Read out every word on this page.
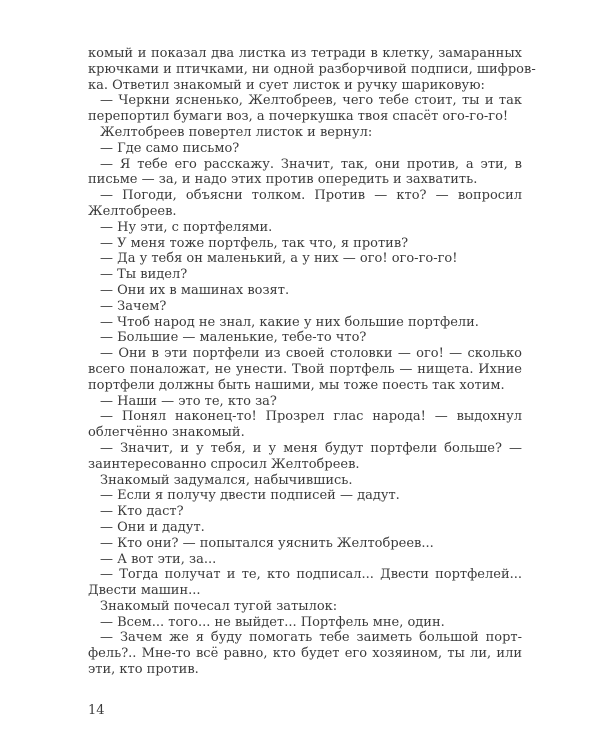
комый и показал два листка из тетради в клетку, замаранных

крючками и птичками, ни одной разборчивой подписи, шифров-

ка. Ответил знакомый и сует листок и ручку шариковую:

— Черкни ясненько, Желтобреев, чего тебе стоит, ты и так

перепортил бумаги воз, а почеркушка твоя спасёт ого-го-го!

Желтобреев повертел листок и вернул:

— Где само письмо?

— Я тебе его расскажу. Значит, так, они против, а эти, в

письме — за, и надо этих против опередить и захватить.

— Погоди, объясни толком. Против — кто? — вопросил

Желтобреев.

— Ну эти, с портфелями.

— У меня тоже портфель, так что, я против?

— Да у тебя он маленький, а у них — ого! ого-го-го!

— Ты видел?

— Они их в машинах возят.

— Зачем?

— Чтоб народ не знал, какие у них большие портфели.

— Большие — маленькие, тебе-то что?

— Они в эти портфели из своей столовки — ого! — сколько

всего поналожат, не унести. Твой портфель — нищета. Ихние

портфели должны быть нашими, мы тоже поесть так хотим.

— Наши — это те, кто за?

— Понял наконец-то! Прозрел глас народа! — выдохнул

облегчённо знакомый.

— Значит, и у тебя, и у меня будут портфели больше? —

заинтересованно спросил Желтобреев.

Знакомый задумался, набычившись.

— Если я получу двести подписей — дадут.

— Кто даст?

— Они и дадут.

— Кто они? — попытался уяснить Желтобреев...

— А вот эти, за...

— Тогда получат и те, кто подписал... Двести портфелей...

Двести машин...

Знакомый почесал тугой затылок:

— Всем... того... не выйдет... Портфель мне, один.

— Зачем же я буду помогать тебе заиметь большой порт-

фель?.. Мне-то всё равно, кто будет его хозяином, ты ли, или

эти, кто против.

14
